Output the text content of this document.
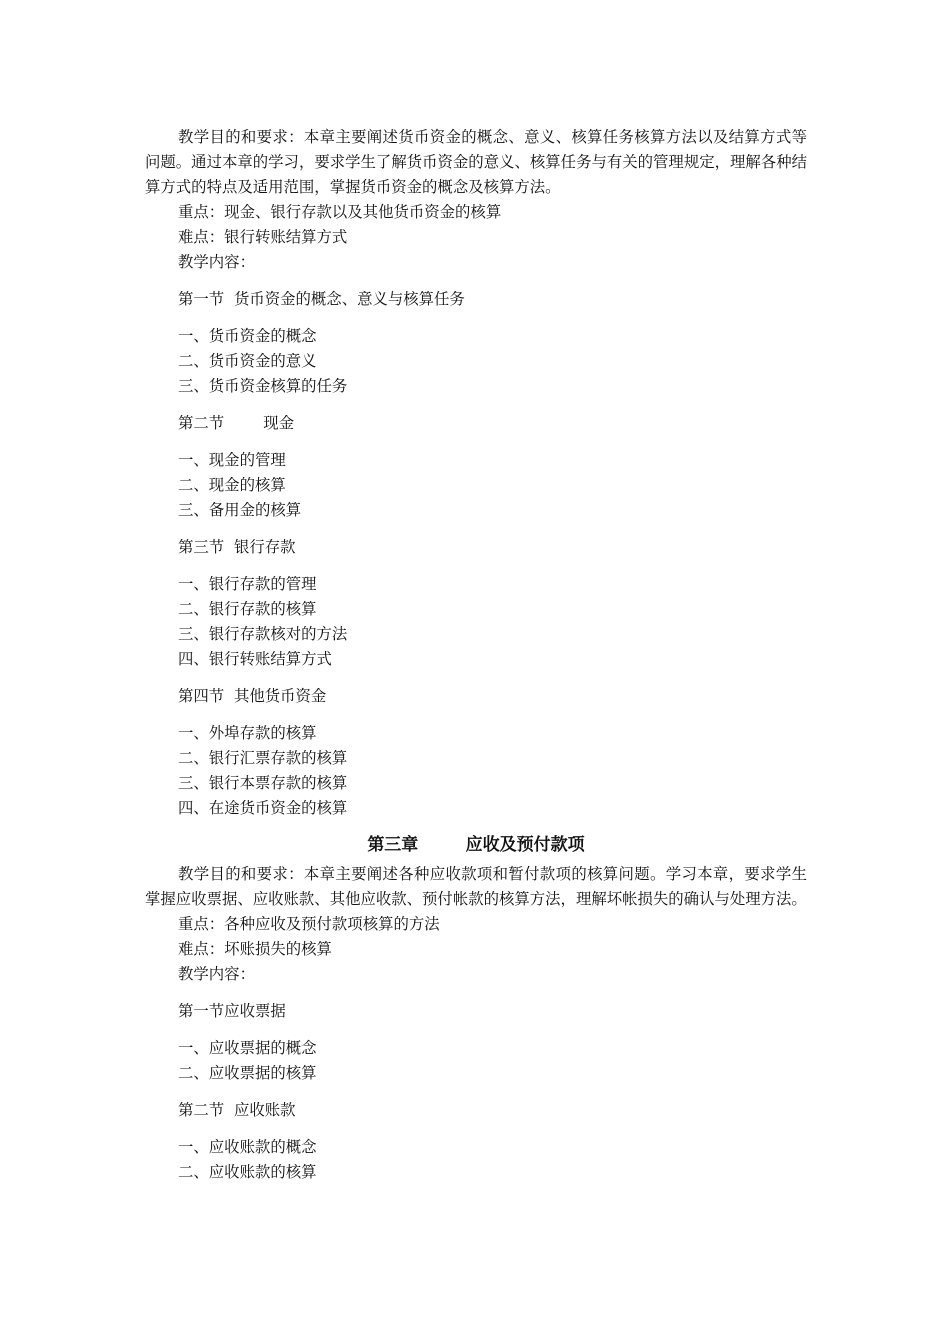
教学目的和要求：本章主要阐述货币资金的概念、意义、核算任务核算方法以及结算方式等问题。通过本章的学习，要求学生了解货币资金的意义、核算任务与有关的管理规定，理解各种结算方式的特点及适用范围，掌握货币资金的概念及核算方法。

重点：现金、银行存款以及其他货币资金的核算

难点：银行转账结算方式

教学内容：

第一节  货币资金的概念、意义与核算任务

一、货币资金的概念

二、货币资金的意义

三、货币资金核算的任务

第二节        现金

一、现金的管理

二、现金的核算

三、备用金的核算

第三节  银行存款

一、银行存款的管理

二、银行存款的核算

三、银行存款核对的方法

四、银行转账结算方式

第四节  其他货币资金

一、外埠存款的核算

二、银行汇票存款的核算

三、银行本票存款的核算

四、在途货币资金的核算

第三章        应收及预付款项

教学目的和要求：本章主要阐述各种应收款项和暂付款项的核算问题。学习本章，要求学生掌握应收票据、应收账款、其他应收款、预付帐款的核算方法，理解坏帐损失的确认与处理方法。

重点：各种应收及预付款项核算的方法

难点：坏账损失的核算

教学内容：

第一节应收票据

一、应收票据的概念

二、应收票据的核算

第二节  应收账款

一、应收账款的概念

二、应收账款的核算
